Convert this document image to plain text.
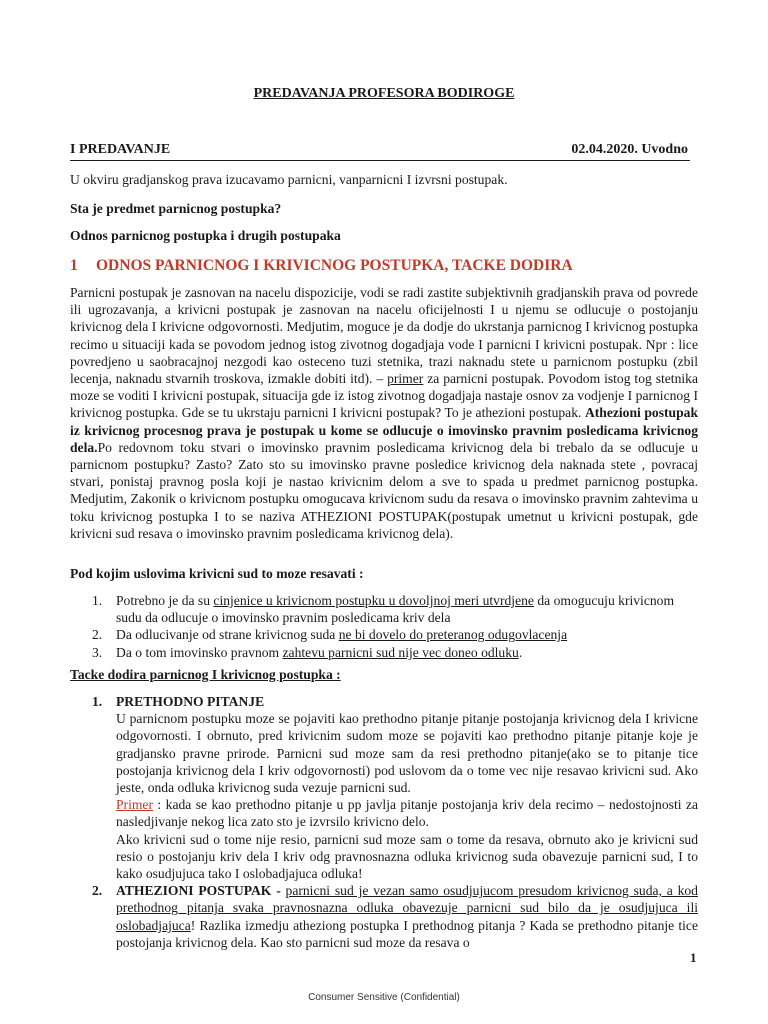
PREDAVANJA PROFESORA BODIROGE
I PREDAVANJE	02.04.2020. Uvodno

U okviru gradjanskog prava izucavamo parnicni, vanparnicni I izvrsni postupak.

Sta je predmet parnicnog postupka?

Odnos parnicnog postupka i drugih postupaka

1 ODNOS PARNICNOG I KRIVICNOG POSTUPKA, TACKE DODIRA

Parnicni postupak je zasnovan na nacelu dispozicije, vodi se radi zastite subjektivnih gradjanskih prava od povrede ili ugrozavanja, a krivicni postupak je zasnovan na nacelu oficijelnosti I u njemu se odlucuje o postojanju krivicnog dela I krivicne odgovornosti. Medjutim, moguce je da dodje do ukrstanja parnicnog I krivicnog postupka recimo u situaciji kada se povodom jednog istog zivotnog dogadjaja vode I parnicni I krivicni postupak. Npr : lice povredjeno u saobracajnoj nezgodi kao osteceno tuzi stetnika, trazi naknadu stete u parnicnom postupku (zbil lecenja, naknadu stvarnih troskova, izmakle dobiti itd). – primer za parnicni postupak. Povodom istog tog stetnika moze se voditi I krivicni postupak, situacija gde iz istog zivotnog dogadjaja nastaje osnov za vodjenje I parnicnog I krivicnog postupka. Gde se tu ukrstaju parnicni I krivicni postupak? To je athezioni postupak. Athezioni postupak iz krivicnog procesnog prava je postupak u kome se odlucuje o imovinsko pravnim posledicama krivicnog dela.Po redovnom toku stvari o imovinsko pravnim posledicama krivicnog dela bi trebalo da se odlucuje u parnicnom postupku? Zasto? Zato sto su imovinsko pravne posledice krivicnog dela naknada stete , povracaj stvari, ponistaj pravnog posla koji je nastao krivicnim delom a sve to spada u predmet parnicnog postupka. Medjutim, Zakonik o krivicnom postupku omogucava krivicnom sudu da resava o imovinsko pravnim zahtevima u toku krivicnog postupka I to se naziva ATHEZIONI POSTUPAK(postupak umetnut u krivicni postupak, gde krivicni sud resava o imovinsko pravnim posledicama krivicnog dela).

Pod kojim uslovima krivicni sud to moze resavati :

1. Potrebno je da su cinjenice u krivicnom postupku u dovoljnoj meri utvrdjene da omogucuju krivicnom sudu da odlucuje o imovinsko pravnim posledicama kriv dela
2. Da odlucivanje od strane krivicnog suda ne bi dovelo do preteranog odugovlacenja
3. Da o tom imovinsko pravnom zahtevu parnicni sud nije vec doneo odluku.

Tacke dodira parnicnog I krivicnog postupka :

1. PRETHODNO PITANJE
U parnicnom postupku moze se pojaviti kao prethodno pitanje pitanje postojanja krivicnog dela I krivicne odgovornosti. I obrnuto, pred krivicnim sudom moze se pojaviti kao prethodno pitanje pitanje koje je gradjansko pravne prirode. Parnicni sud moze sam da resi prethodno pitanje(ako se to pitanje tice postojanja krivicnog dela I kriv odgovornosti) pod uslovom da o tome vec nije resavao krivicni sud. Ako jeste, onda odluka krivicnog suda vezuje parnicni sud.
Primer : kada se kao prethodno pitanje u pp javlja pitanje postojanja kriv dela recimo – nedostojnosti za nasledjivanje nekog lica zato sto je izvrsilo krivicno delo.
Ako krivicni sud o tome nije resio, parnicni sud moze sam o tome da resava, obrnuto ako je krivicni sud resio o postojanju kriv dela I kriv odg pravnosnazna odluka krivicnog suda obavezuje parnicni sud, I to kako osudjujuca tako I oslobadjajuca odluka!
2. ATHEZIONI POSTUPAK - parnicni sud je vezan samo osudjujucom presudom krivicnog suda, a kod prethodnog pitanja svaka pravnosnazna odluka obavezuje parnicni sud bilo da je osudjujuca ili oslobadjajuca! Razlika izmedju atheziong postupka I prethodnog pitanja ? Kada se prethodno pitanje tice postojanja krivicnog dela. Kao sto parnicni sud moze da resava o
1
Consumer Sensitive (Confidential)
